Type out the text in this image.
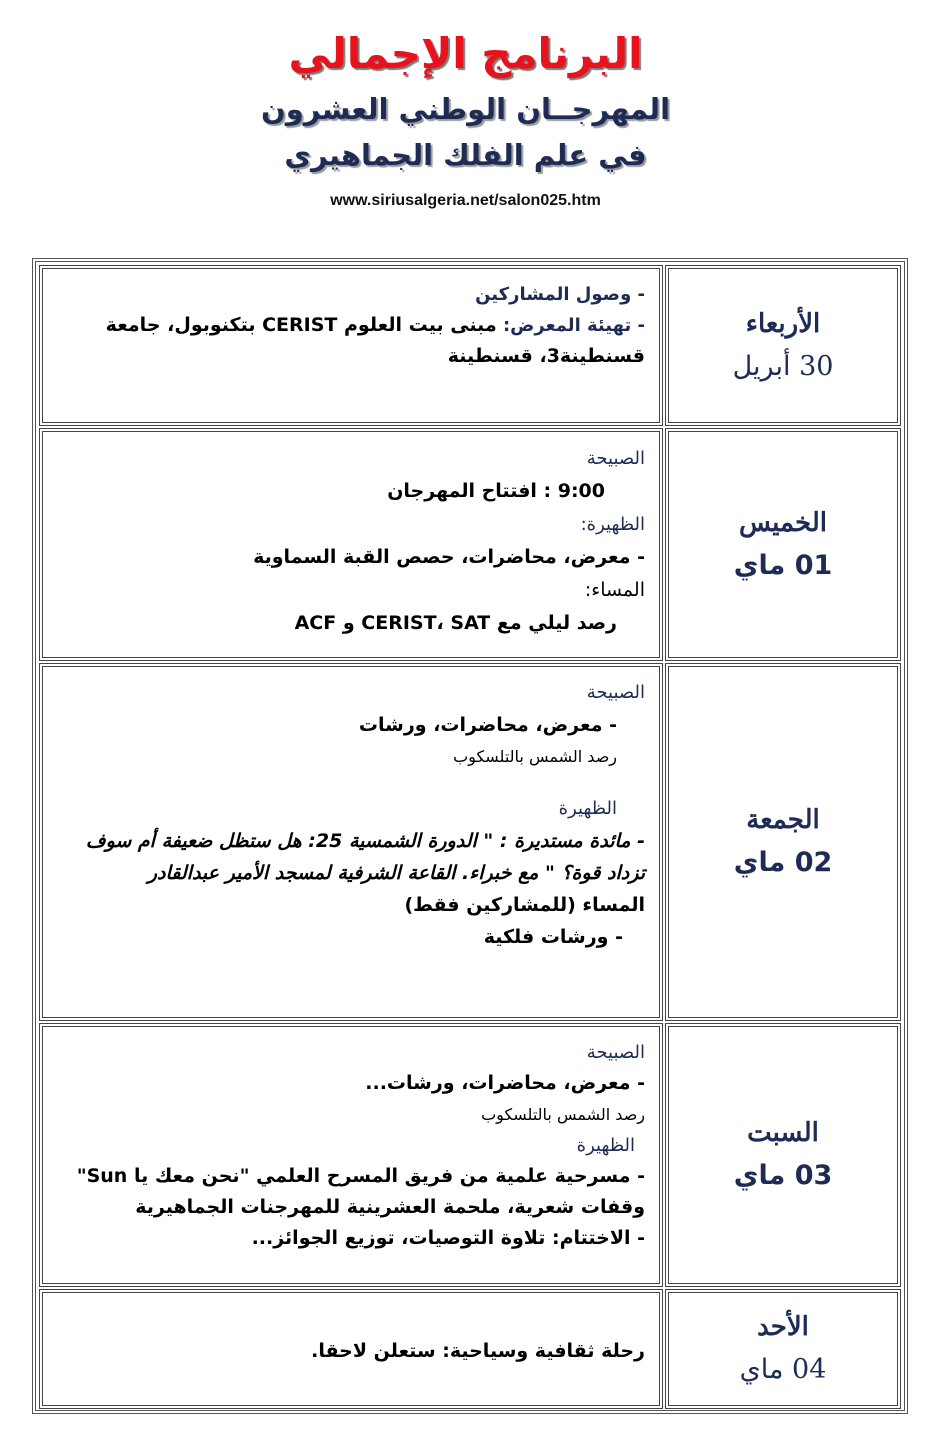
البرنامج الإجمالي
المهرجــان الوطني العشرون
في علم الفلك الجماهيري
www.siriusalgeria.net/salon025.htm
الأربعاء
30 أبريل
- وصول المشاركين
- تهيئة المعرض: مبنى بيت العلوم CERIST بتكنوبول، جامعة قسنطينة3، قسنطينة
الخميس
01 ماي
الصبيحة
9:00 : افتتاح المهرجان
الظهيرة:
- معرض، محاضرات، حصص القبة السماوية
المساء:
رصد ليلي مع CERIST، SAT و ACF
الجمعة
02 ماي
الصبيحة
- معرض، محاضرات، ورشات
رصد الشمس بالتلسكوب
الظهيرة
- مائدة مستديرة : " الدورة الشمسية 25: هل ستظل ضعيفة أم سوف تزداد قوة؟ " مع خبراء. القاعة الشرفية لمسجد الأمير عبدالقادر
المساء (للمشاركين فقط)
- ورشات فلكية
السبت
03 ماي
الصبيحة
- معرض، محاضرات، ورشات...
رصد الشمس بالتلسكوب
الظهيرة
- مسرحية علمية من فريق المسرح العلمي "نحن معك يا Sun"
وقفات شعرية، ملحمة العشرينية للمهرجنات الجماهيرية
- الاختتام: تلاوة التوصيات، توزيع الجوائز...
الأحد
04 ماي
رحلة ثقافية وسياحية: ستعلن لاحقا.
